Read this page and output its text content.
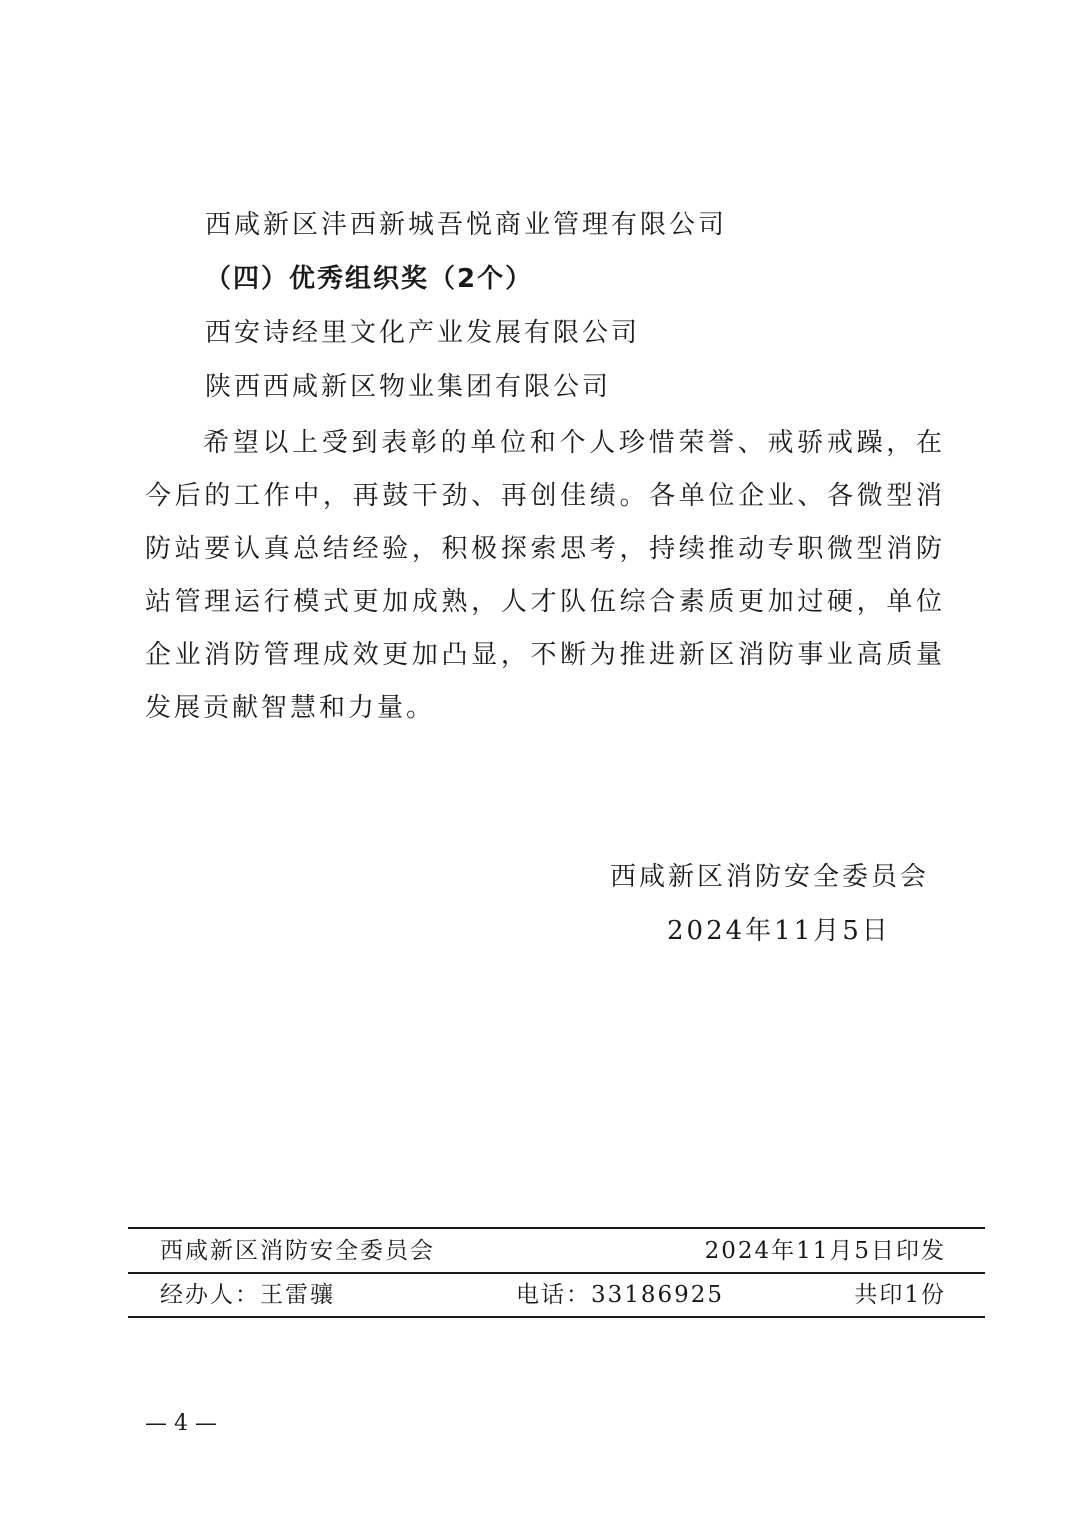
西咸新区沣西新城吾悦商业管理有限公司
（四）优秀组织奖（2个）
西安诗经里文化产业发展有限公司
陕西西咸新区物业集团有限公司
希望以上受到表彰的单位和个人珍惜荣誉、戒骄戒躁，在今后的工作中，再鼓干劲、再创佳绩。各单位企业、各微型消防站要认真总结经验，积极探索思考，持续推动专职微型消防站管理运行模式更加成熟，人才队伍综合素质更加过硬，单位企业消防管理成效更加凸显，不断为推进新区消防事业高质量发展贡献智慧和力量。
西咸新区消防安全委员会
2024年11月5日
西咸新区消防安全委员会	2024年11月5日印发
经办人：王雷骧	电话：33186925	共印1份
— 4 —
